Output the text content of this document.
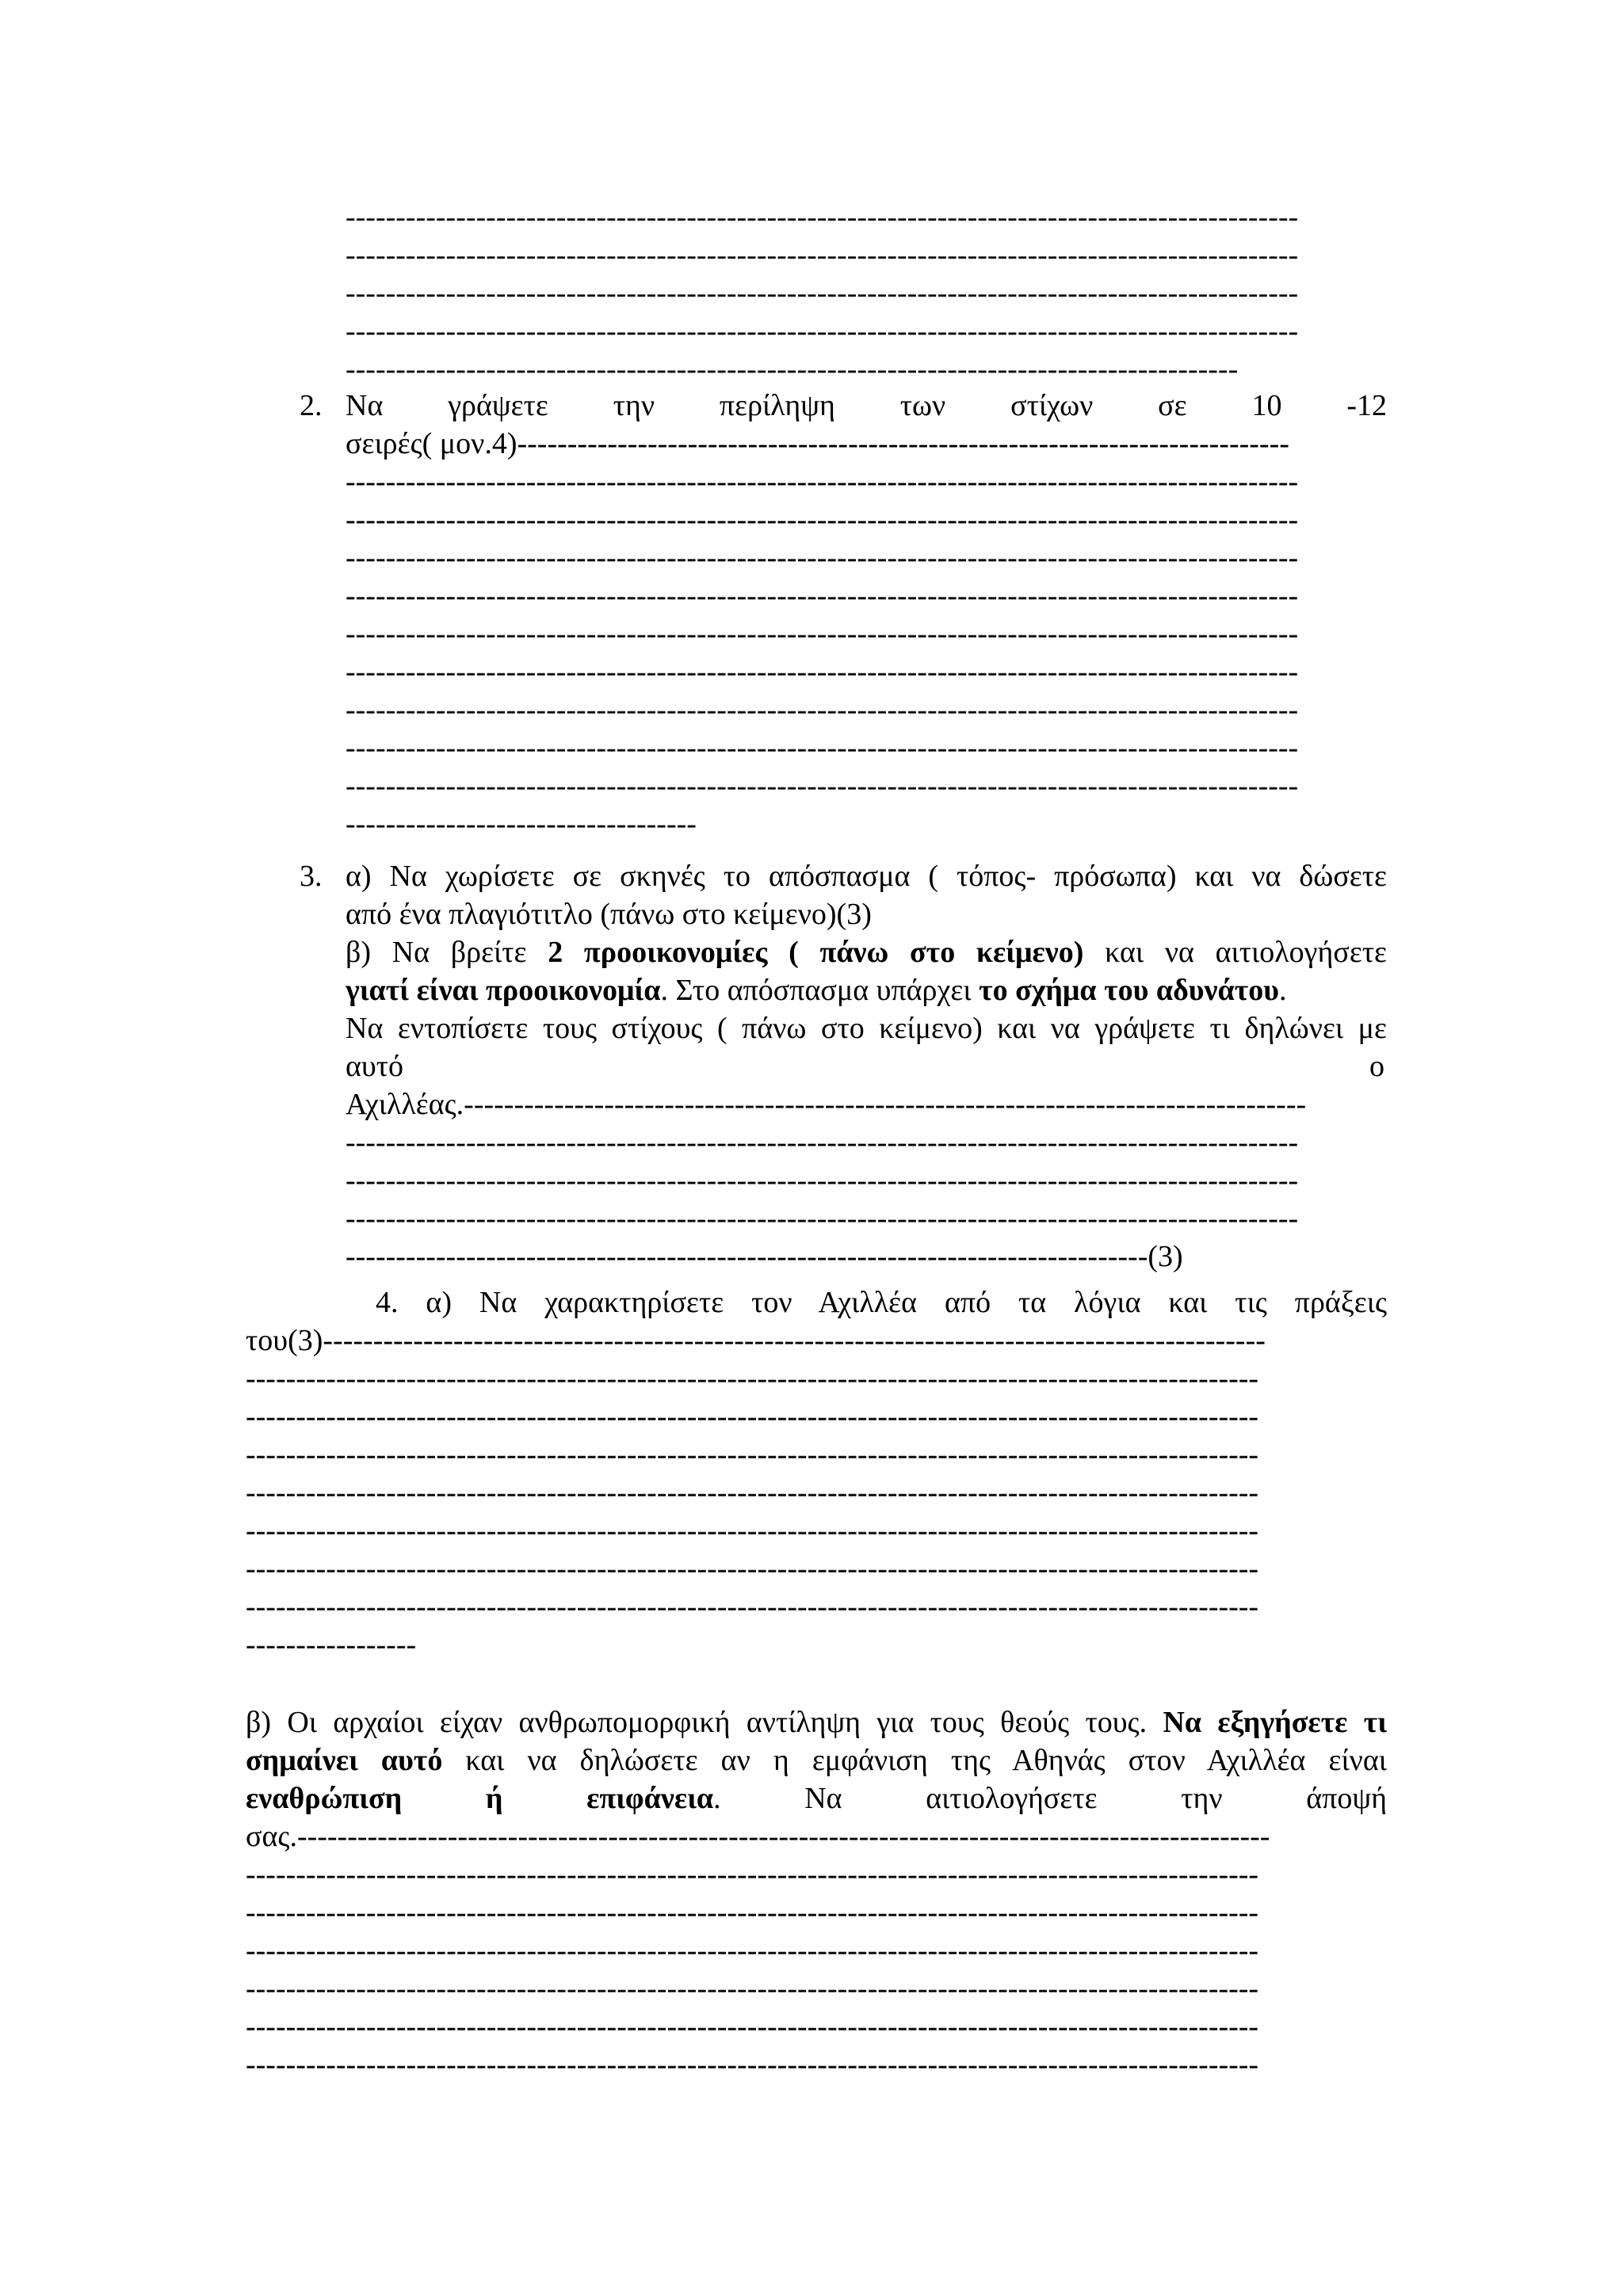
-----------------------------------------------------------------------------------------------
-----------------------------------------------------------------------------------------------
-----------------------------------------------------------------------------------------------
-----------------------------------------------------------------------------------------------
-----------------------------------------------------------------------------------------
2. Να γράψετε την περίληψη των στίχων σε 10 -12
σειρές( μον.4)-----------------------------------------------------------------------------
-----------------------------------------------------------------------------------------------
-----------------------------------------------------------------------------------------------
-----------------------------------------------------------------------------------------------
-----------------------------------------------------------------------------------------------
-----------------------------------------------------------------------------------------------
-----------------------------------------------------------------------------------------------
-----------------------------------------------------------------------------------------------
-----------------------------------------------------------------------------------------------
-----------------------------------------------------------------------------------------------
-----------------------------------
3. α) Να χωρίσετε σε σκηνές το απόσπασμα ( τόπος- πρόσωπα) και να δώσετε
από ένα πλαγιότιτλο (πάνω στο κείμενο)(3)
β) Να βρείτε 2 προοικονομίες ( πάνω στο κείμενο) και να αιτιολογήσετε
γιατί είναι προοικονομία. Στο απόσπασμα υπάρχει το σχήμα του αδυνάτου.
Να εντοπίσετε τους στίχους ( πάνω στο κείμενο) και να γράψετε τι δηλώνει με
αυτό	ο
Αχιλλέας.------------------------------------------------------------------------------------
-----------------------------------------------------------------------------------------------
-----------------------------------------------------------------------------------------------
-----------------------------------------------------------------------------------------------
--------------------------------------------------------------------------------(3)
4. α) Να χαρακτηρίσετε τον Αχιλλέα από τα λόγια και τις πράξεις
του(3)----------------------------------------------------------------------------------------------
-----------------------------------------------------------------------------------------------------
-----------------------------------------------------------------------------------------------------
-----------------------------------------------------------------------------------------------------
-----------------------------------------------------------------------------------------------------
-----------------------------------------------------------------------------------------------------
-----------------------------------------------------------------------------------------------------
-----------------------------------------------------------------------------------------------------
-----------------
β) Οι αρχαίοι είχαν ανθρωπομορφική αντίληψη για τους θεούς τους. Να εξηγήσετε τι
σημαίνει αυτό και να δηλώσετε αν η εμφάνιση της Αθηνάς στον Αχιλλέα είναι
εναθρώπιση ή επιφάνεια. Να αιτιολογήσετε την άποψή
σας.-------------------------------------------------------------------------------------------------
-----------------------------------------------------------------------------------------------------
-----------------------------------------------------------------------------------------------------
-----------------------------------------------------------------------------------------------------
-----------------------------------------------------------------------------------------------------
-----------------------------------------------------------------------------------------------------
-----------------------------------------------------------------------------------------------------
